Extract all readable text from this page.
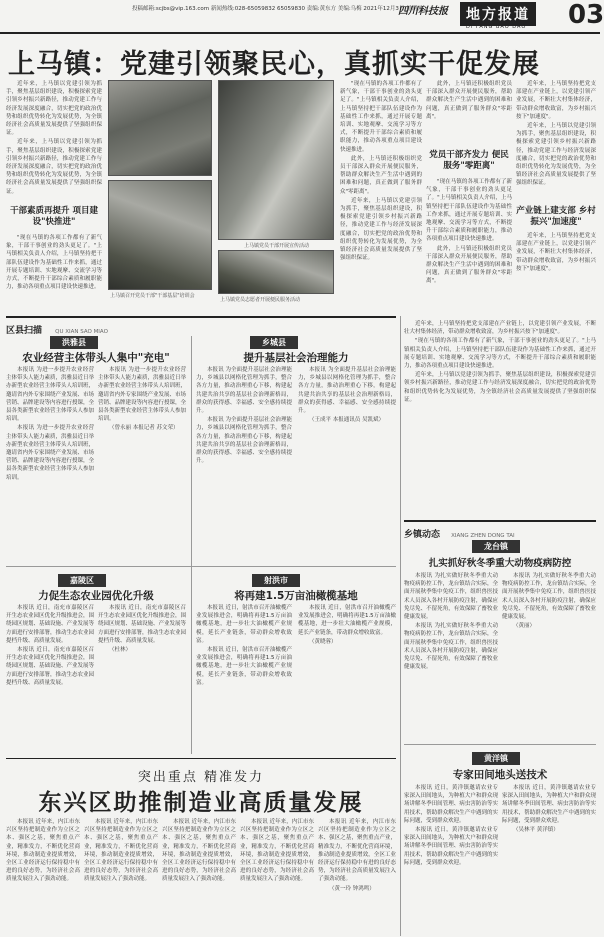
投稿邮箱:scjbs@vip.163.com 新闻热线:028-65059832 65059830 责编:黄东方 美编:乌梅 2021年12月3日 星期五
四川科技报	地方报道
DI FANG BAO DAO 03
上马镇：党建引领聚民心，真抓实干促发展

近年来，上马镇以党建引领为抓手，聚焦基层组织建设，积极探索党建引领乡村振兴新路径，推动党建工作与经济发展深度融合，切实把党的政治优势和组织优势转化为发展优势，为全镇经济社会高质量发展提供了坚强组织保证。

近年来，上马镇以党建引领为抓手，聚焦基层组织建设，积极探索党建引领乡村振兴新路径，推动党建工作与经济发展深度融合，切实把党的政治优势和组织优势转化为发展优势，为全镇经济社会高质量发展提供了坚强组织保证。

干部素质再提升 项目建设"快推进"

"现在马镇的各项工作都有了新气象，干部干事创业的劲头更足了。"上马镇相关负责人介绍，上马镇坚持把干部队伍建设作为基础性工作来抓，通过开展专题培训、实地观摩、交流学习等方式，不断提升干部综合素质和履职能力，推动各项重点项目建设快速推进。

上马镇召开党员干部"干部基层"培训会
上马镇党员干部开展宣传活动
上马镇党员志愿者开展便民服务活动

"现在马镇的各项工作都有了新气象，干部干事创业的劲头更足了。"上马镇相关负责人介绍，上马镇坚持把干部队伍建设作为基础性工作来抓，通过开展专题培训、实地观摩、交流学习等方式，不断提升干部综合素质和履职能力，推动各项重点项目建设快速推进。

此外，上马镇还积极组织党员干部深入群众开展便民服务，帮助群众解决生产生活中遇到的困难和问题，真正做到了服务群众"零距离"。

近年来，上马镇以党建引领为抓手，聚焦基层组织建设，积极探索党建引领乡村振兴新路径，推动党建工作与经济发展深度融合，切实把党的政治优势和组织优势转化为发展优势，为全镇经济社会高质量发展提供了坚强组织保证。

党员干部齐发力 便民服务"零距离"

此外，上马镇还积极组织党员干部深入群众开展便民服务，帮助群众解决生产生活中遇到的困难和问题，真正做到了服务群众"零距离"。

"现在马镇的各项工作都有了新气象，干部干事创业的劲头更足了。"上马镇相关负责人介绍，上马镇坚持把干部队伍建设作为基础性工作来抓，通过开展专题培训、实地观摩、交流学习等方式，不断提升干部综合素质和履职能力，推动各项重点项目建设快速推进。

此外，上马镇还积极组织党员干部深入群众开展便民服务，帮助群众解决生产生活中遇到的困难和问题，真正做到了服务群众"零距离"。

近年来，上马镇坚持把党支部建在产业链上，以党建引领产业发展，不断壮大村集体经济，带动群众增收致富，为乡村振兴按下"加速度"。

近年来，上马镇以党建引领为抓手，聚焦基层组织建设，积极探索党建引领乡村振兴新路径，推动党建工作与经济发展深度融合，切实把党的政治优势和组织优势转化为发展优势，为全镇经济社会高质量发展提供了坚强组织保证。

产业链上建支部 乡村振兴"加速度"

近年来，上马镇坚持把党支部建在产业链上，以党建引领产业发展，不断壮大村集体经济，带动群众增收致富，为乡村振兴按下"加速度"。

区县扫描 QU XIAN SAO MIAO
洪雅县
农业经营主体带头人集中"充电"

本报讯 为进一步提升农业经营主体带头人能力素质，洪雅县近日举办新型农业经营主体带头人培训班，邀请省内外专家围绕产业发展、市场营销、品牌建设等内容进行授课，全县各类新型农业经营主体带头人参加培训。

本报讯 为进一步提升农业经营主体带头人能力素质，洪雅县近日举办新型农业经营主体带头人培训班，邀请省内外专家围绕产业发展、市场营销、品牌建设等内容进行授课，全县各类新型农业经营主体带头人参加培训。

本报讯 为进一步提升农业经营主体带头人能力素质，洪雅县近日举办新型农业经营主体带头人培训班，邀请省内外专家围绕产业发展、市场营销、品牌建设等内容进行授课，全县各类新型农业经营主体带头人参加培训。

（曾永丽 本报记者 苏文荣）

乡城县
提升基层社会治理能力

本报讯 为全面提升基层社会治理能力，乡城县以网格化管理为抓手，整合各方力量，推动治理重心下移，构建起共建共治共享的基层社会治理新格局，群众的获得感、幸福感、安全感持续提升。

本报讯 为全面提升基层社会治理能力，乡城县以网格化管理为抓手，整合各方力量，推动治理重心下移，构建起共建共治共享的基层社会治理新格局，群众的获得感、幸福感、安全感持续提升。

本报讯 为全面提升基层社会治理能力，乡城县以网格化管理为抓手，整合各方力量，推动治理重心下移，构建起共建共治共享的基层社会治理新格局，群众的获得感、幸福感、安全感持续提升。

（王成平 本报通讯员 吴凯斌）

嘉陵区
力促生态农业园优化升级

本报讯 近日，南充市嘉陵区召开生态农业园区优化升级推进会，围绕园区规划、基础设施、产业发展等方面进行安排部署，推动生态农业园提档升级、高质量发展。

本报讯 近日，南充市嘉陵区召开生态农业园区优化升级推进会，围绕园区规划、基础设施、产业发展等方面进行安排部署，推动生态农业园提档升级、高质量发展。

本报讯 近日，南充市嘉陵区召开生态农业园区优化升级推进会，围绕园区规划、基础设施、产业发展等方面进行安排部署，推动生态农业园提档升级、高质量发展。

（杜林）

射洪市
将再建1.5万亩油橄榄基地

本报讯 近日，射洪市召开油橄榄产业发展推进会，明确将再建1.5万亩油橄榄基地，进一步壮大油橄榄产业规模，延长产业链条，带动群众增收致富。

本报讯 近日，射洪市召开油橄榄产业发展推进会，明确将再建1.5万亩油橄榄基地，进一步壮大油橄榄产业规模，延长产业链条，带动群众增收致富。

本报讯 近日，射洪市召开油橄榄产业发展推进会，明确将再建1.5万亩油橄榄基地，进一步壮大油橄榄产业规模，延长产业链条，带动群众增收致富。

（黄晓蓉）

乡镇动态 XIANG ZHEN DONG TAI

近年来，上马镇坚持把党支部建在产业链上，以党建引领产业发展，不断壮大村集体经济，带动群众增收致富，为乡村振兴按下"加速度"。

"现在马镇的各项工作都有了新气象，干部干事创业的劲头更足了。"上马镇相关负责人介绍，上马镇坚持把干部队伍建设作为基础性工作来抓，通过开展专题培训、实地观摩、交流学习等方式，不断提升干部综合素质和履职能力，推动各项重点项目建设快速推进。

近年来，上马镇以党建引领为抓手，聚焦基层组织建设，积极探索党建引领乡村振兴新路径，推动党建工作与经济发展深度融合，切实把党的政治优势和组织优势转化为发展优势，为全镇经济社会高质量发展提供了坚强组织保证。

龙台镇
扎实抓好秋冬季重大动物疫病防控

本报讯 为扎实做好秋冬季重大动物疫病防控工作，龙台镇结合实际，全面开展秋季集中免疫工作，组织兽医技术人员深入各村开展防疫注射，确保应免尽免、不留死角，有效保障了畜牧业健康发展。

本报讯 为扎实做好秋冬季重大动物疫病防控工作，龙台镇结合实际，全面开展秋季集中免疫工作，组织兽医技术人员深入各村开展防疫注射，确保应免尽免、不留死角，有效保障了畜牧业健康发展。

本报讯 为扎实做好秋冬季重大动物疫病防控工作，龙台镇结合实际，全面开展秋季集中免疫工作，组织兽医技术人员深入各村开展防疫注射，确保应免尽免、不留死角，有效保障了畜牧业健康发展。

（黄丽）

黄洋镇
专家田间地头送技术

本报讯 近日，黄洋镇邀请农业专家深入田间地头，为种植大户和群众现场讲解冬季田间管理、病虫害防治等实用技术，帮助群众解决生产中遇到的实际问题，受到群众欢迎。

本报讯 近日，黄洋镇邀请农业专家深入田间地头，为种植大户和群众现场讲解冬季田间管理、病虫害防治等实用技术，帮助群众解决生产中遇到的实际问题，受到群众欢迎。

本报讯 近日，黄洋镇邀请农业专家深入田间地头，为种植大户和群众现场讲解冬季田间管理、病虫害防治等实用技术，帮助群众解决生产中遇到的实际问题，受到群众欢迎。

（吴林平 黄洋镇）

突出重点 精准发力
东兴区助推制造业高质量发展

本报讯 近年来，内江市东兴区坚持把制造业作为立区之本、强区之基，聚焦重点产业，精准发力，不断优化营商环境，推动制造业提质增效，全区工业经济运行保持稳中有进的良好态势，为经济社会高质量发展注入了强劲动能。

本报讯 近年来，内江市东兴区坚持把制造业作为立区之本、强区之基，聚焦重点产业，精准发力，不断优化营商环境，推动制造业提质增效，全区工业经济运行保持稳中有进的良好态势，为经济社会高质量发展注入了强劲动能。

本报讯 近年来，内江市东兴区坚持把制造业作为立区之本、强区之基，聚焦重点产业，精准发力，不断优化营商环境，推动制造业提质增效，全区工业经济运行保持稳中有进的良好态势，为经济社会高质量发展注入了强劲动能。

本报讯 近年来，内江市东兴区坚持把制造业作为立区之本、强区之基，聚焦重点产业，精准发力，不断优化营商环境，推动制造业提质增效，全区工业经济运行保持稳中有进的良好态势，为经济社会高质量发展注入了强劲动能。

本报讯 近年来，内江市东兴区坚持把制造业作为立区之本、强区之基，聚焦重点产业，精准发力，不断优化营商环境，推动制造业提质增效，全区工业经济运行保持稳中有进的良好态势，为经济社会高质量发展注入了强劲动能。

（黄一玲 钟鸿鸣）
